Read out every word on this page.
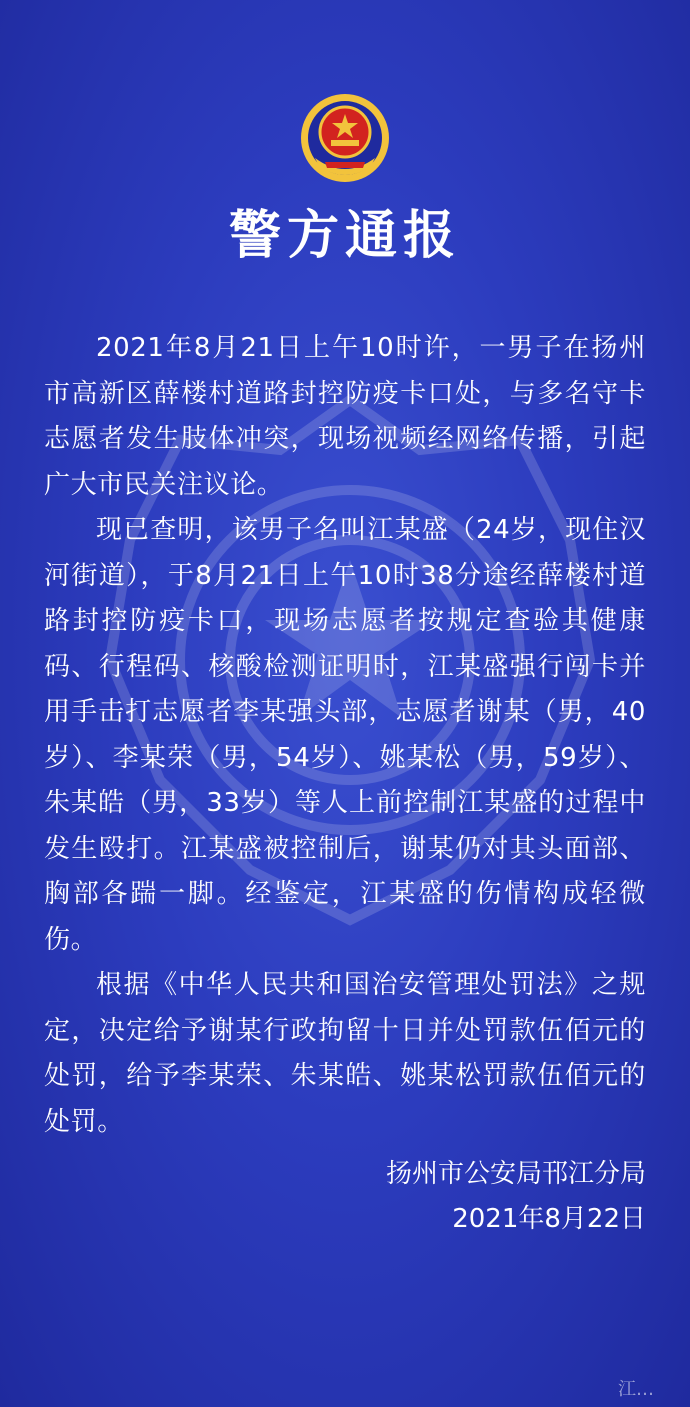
警方通报

2021年8月21日上午10时许，一男子在扬州市高新区薛楼村道路封控防疫卡口处，与多名守卡志愿者发生肢体冲突，现场视频经网络传播，引起广大市民关注议论。

现已查明，该男子名叫江某盛（24岁，现住汉河街道），于8月21日上午10时38分途经薛楼村道路封控防疫卡口，现场志愿者按规定查验其健康码、行程码、核酸检测证明时，江某盛强行闯卡并用手击打志愿者李某强头部，志愿者谢某（男，40岁）、李某荣（男，54岁）、姚某松（男，59岁）、朱某皓（男，33岁）等人上前控制江某盛的过程中发生殴打。江某盛被控制后，谢某仍对其头面部、胸部各踹一脚。经鉴定，江某盛的伤情构成轻微伤。

根据《中华人民共和国治安管理处罚法》之规定，决定给予谢某行政拘留十日并处罚款伍佰元的处罚，给予李某荣、朱某皓、姚某松罚款伍佰元的处罚。

扬州市公安局邗江分局
2021年8月22日
江…
